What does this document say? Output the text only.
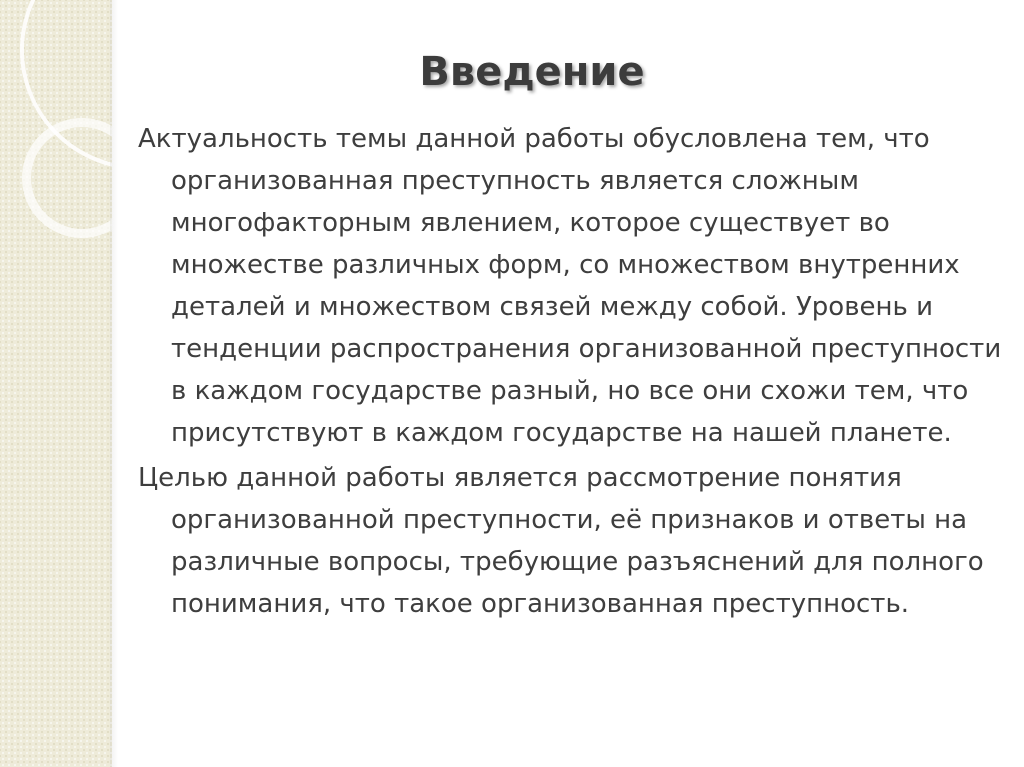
Введение

Актуальность темы данной работы обусловлена тем, что организованная преступность является сложным многофакторным явлением, которое существует во множестве различных форм, со множеством внутренних деталей и множеством связей между собой. Уровень и тенденции распространения организованной преступности в каждом государстве разный, но все они схожи тем, что присутствуют в каждом государстве на нашей планете.

Целью данной работы является рассмотрение понятия организованной преступности, её признаков и ответы на различные вопросы, требующие разъяснений для полного понимания, что такое организованная преступность.
